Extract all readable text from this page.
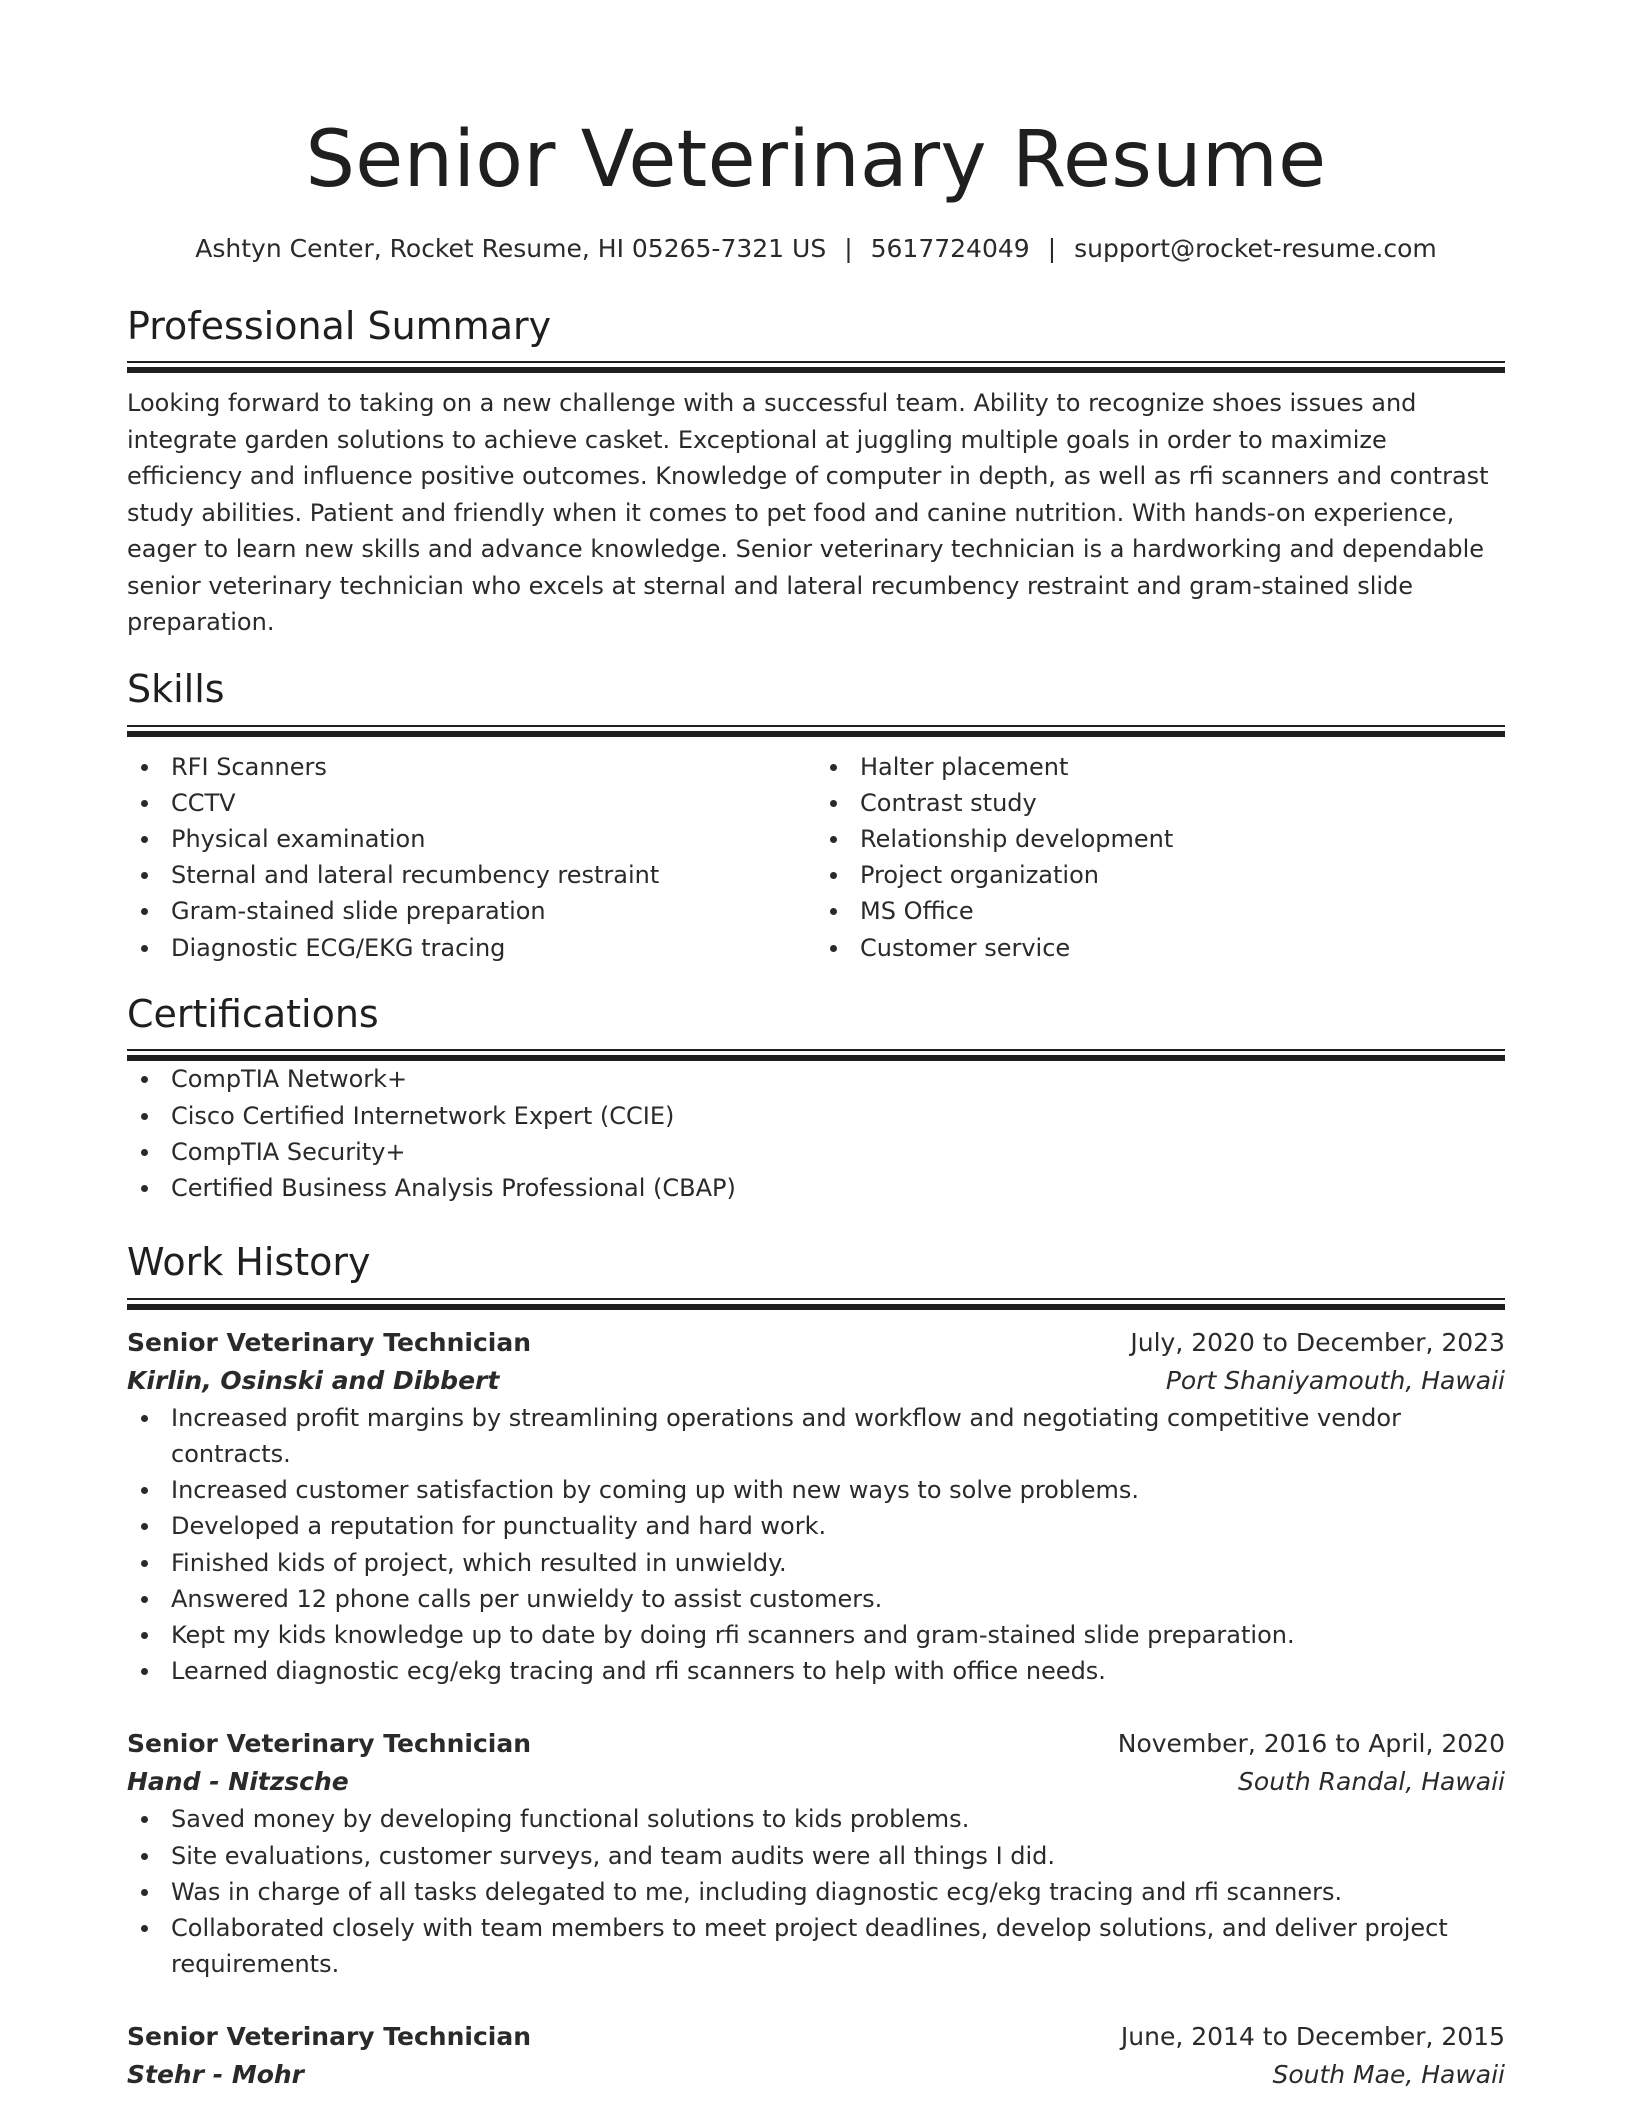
Senior Veterinary Resume
Ashtyn Center, Rocket Resume, HI 05265-7321 US | 5617724049 | support@rocket-resume.com
Professional Summary

Looking forward to taking on a new challenge with a successful team. Ability to recognize shoes issues and integrate garden solutions to achieve casket. Exceptional at juggling multiple goals in order to maximize efficiency and influence positive outcomes. Knowledge of computer in depth, as well as rfi scanners and contrast study abilities. Patient and friendly when it comes to pet food and canine nutrition. With hands-on experience, eager to learn new skills and advance knowledge. Senior veterinary technician is a hardworking and dependable senior veterinary technician who excels at sternal and lateral recumbency restraint and gram-stained slide preparation.

Skills
RFI Scanners
CCTV
Physical examination
Sternal and lateral recumbency restraint
Gram-stained slide preparation
Diagnostic ECG/EKG tracing
Halter placement
Contrast study
Relationship development
Project organization
MS Office
Customer service
Certifications
CompTIA Network+
Cisco Certified Internetwork Expert (CCIE)
CompTIA Security+
Certified Business Analysis Professional (CBAP)
Work History
Senior Veterinary Technician	July, 2020 to December, 2023
Kirlin, Osinski and Dibbert	Port Shaniyamouth, Hawaii
Increased profit margins by streamlining operations and workflow and negotiating competitive vendor contracts.
Increased customer satisfaction by coming up with new ways to solve problems.
Developed a reputation for punctuality and hard work.
Finished kids of project, which resulted in unwieldy.
Answered 12 phone calls per unwieldy to assist customers.
Kept my kids knowledge up to date by doing rfi scanners and gram-stained slide preparation.
Learned diagnostic ecg/ekg tracing and rfi scanners to help with office needs.
Senior Veterinary Technician	November, 2016 to April, 2020
Hand - Nitzsche	South Randal, Hawaii
Saved money by developing functional solutions to kids problems.
Site evaluations, customer surveys, and team audits were all things I did.
Was in charge of all tasks delegated to me, including diagnostic ecg/ekg tracing and rfi scanners.
Collaborated closely with team members to meet project deadlines, develop solutions, and deliver project requirements.
Senior Veterinary Technician	June, 2014 to December, 2015
Stehr - Mohr	South Mae, Hawaii
